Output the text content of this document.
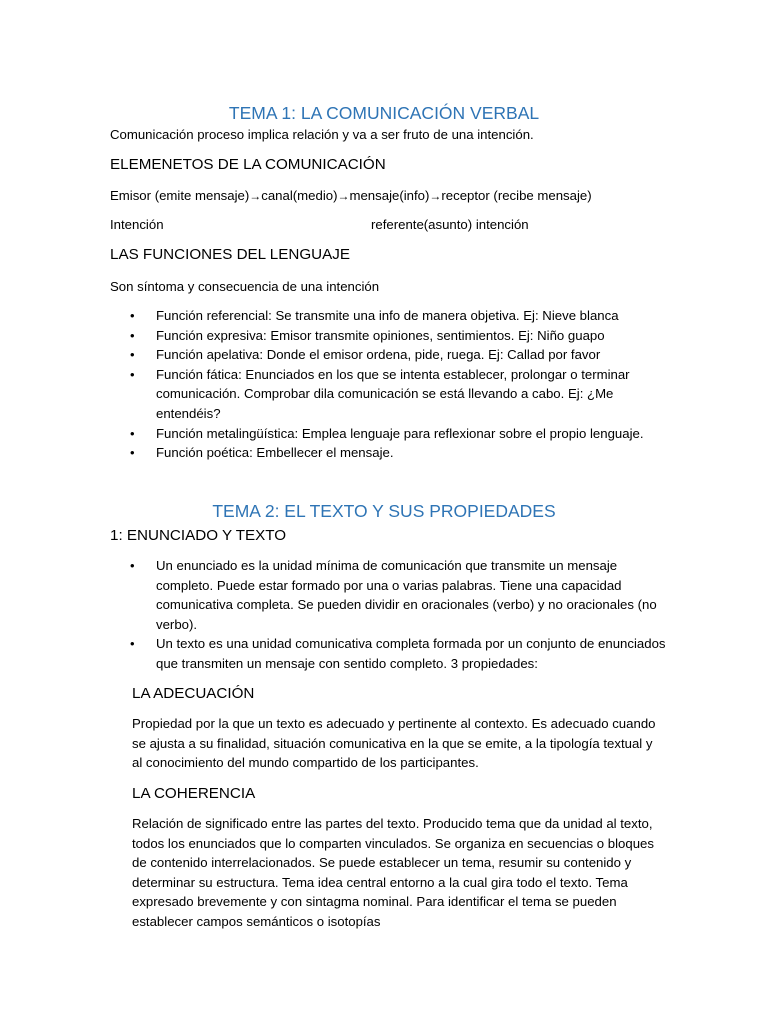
TEMA 1: LA COMUNICACIÓN VERBAL
Comunicación proceso implica relación y va a ser fruto de una intención.
ELEMENETOS DE LA COMUNICACIÓN
Emisor (emite mensaje)→canal(medio)→mensaje(info)→receptor (recibe mensaje)
Intención	referente(asunto) intención
LAS FUNCIONES DEL LENGUAJE
Son síntoma y consecuencia de una intención
• Función referencial: Se transmite una info de manera objetiva. Ej: Nieve blanca
• Función expresiva: Emisor transmite opiniones, sentimientos. Ej: Niño guapo
• Función apelativa: Donde el emisor ordena, pide, ruega. Ej: Callad por favor
• Función fática: Enunciados en los que se intenta establecer, prolongar o terminar comunicación. Comprobar dila comunicación se está llevando a cabo. Ej: ¿Me entendéis?
• Función metalingüística: Emplea lenguaje para reflexionar sobre el propio lenguaje.
• Función poética: Embellecer el mensaje.
TEMA 2: EL TEXTO Y SUS PROPIEDADES
1: ENUNCIADO Y TEXTO
• Un enunciado es la unidad mínima de comunicación que transmite un mensaje completo. Puede estar formado por una o varias palabras. Tiene una capacidad comunicativa completa. Se pueden dividir en oracionales (verbo) y no oracionales (no verbo).
• Un texto es una unidad comunicativa completa formada por un conjunto de enunciados que transmiten un mensaje con sentido completo. 3 propiedades:
LA ADECUACIÓN
Propiedad por la que un texto es adecuado y pertinente al contexto. Es adecuado cuando se ajusta a su finalidad, situación comunicativa en la que se emite, a la tipología textual y al conocimiento del mundo compartido de los participantes.
LA COHERENCIA
Relación de significado entre las partes del texto. Producido tema que da unidad al texto, todos los enunciados que lo comparten vinculados. Se organiza en secuencias o bloques de contenido interrelacionados. Se puede establecer un tema, resumir su contenido y determinar su estructura. Tema idea central entorno a la cual gira todo el texto. Tema expresado brevemente y con sintagma nominal. Para identificar el tema se pueden establecer campos semánticos o isotopías
